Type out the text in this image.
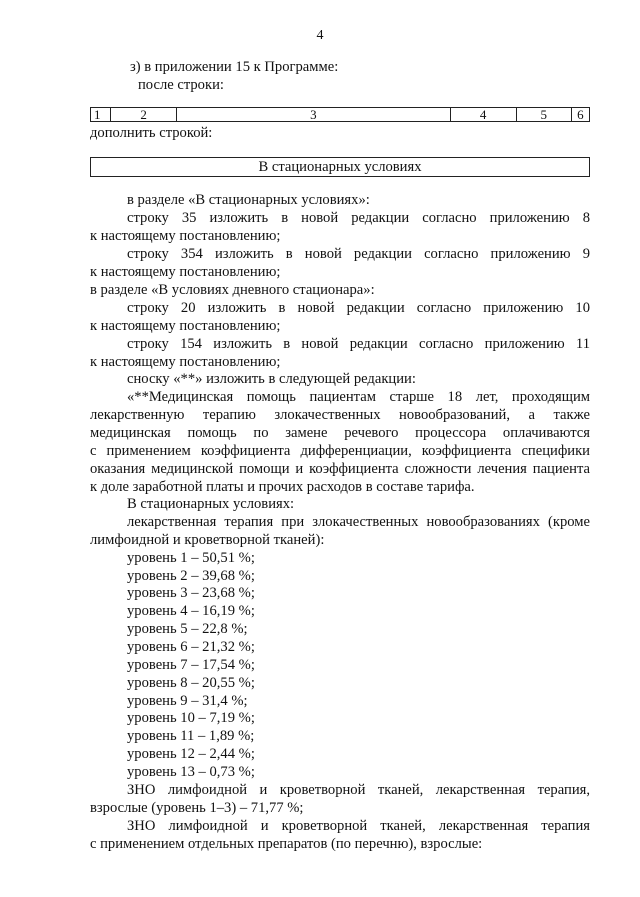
4
з) в приложении 15 к Программе:
после строки:
1	2	3	4	5	6
дополнить строкой:
В стационарных условиях
в разделе «В стационарных условиях»:
строку 35 изложить в новой редакции согласно приложению 8
к настоящему постановлению;
строку 354 изложить в новой редакции согласно приложению 9
к настоящему постановлению;
в разделе «В условиях дневного стационара»:
строку 20 изложить в новой редакции согласно приложению 10
к настоящему постановлению;
строку 154 изложить в новой редакции согласно приложению 11
к настоящему постановлению;
сноску «**» изложить в следующей редакции:
«**Медицинская помощь пациентам старше 18 лет, проходящим
лекарственную терапию злокачественных новообразований, а также
медицинская помощь по замене речевого процессора оплачиваются
с применением коэффициента дифференциации, коэффициента специфики
оказания медицинской помощи и коэффициента сложности лечения пациента
к доле заработной платы и прочих расходов в составе тарифа.
В стационарных условиях:
лекарственная терапия при злокачественных новообразованиях (кроме
лимфоидной и кроветворной тканей):
уровень 1 – 50,51 %;
уровень 2 – 39,68 %;
уровень 3 – 23,68 %;
уровень 4 – 16,19 %;
уровень 5 – 22,8 %;
уровень 6 – 21,32 %;
уровень 7 – 17,54 %;
уровень 8 – 20,55 %;
уровень 9 – 31,4 %;
уровень 10 – 7,19 %;
уровень 11 – 1,89 %;
уровень 12 – 2,44 %;
уровень 13 – 0,73 %;
ЗНО лимфоидной и кроветворной тканей, лекарственная терапия,
взрослые (уровень 1–3) – 71,77 %;
ЗНО лимфоидной и кроветворной тканей, лекарственная терапия
с применением отдельных препаратов (по перечню), взрослые:
